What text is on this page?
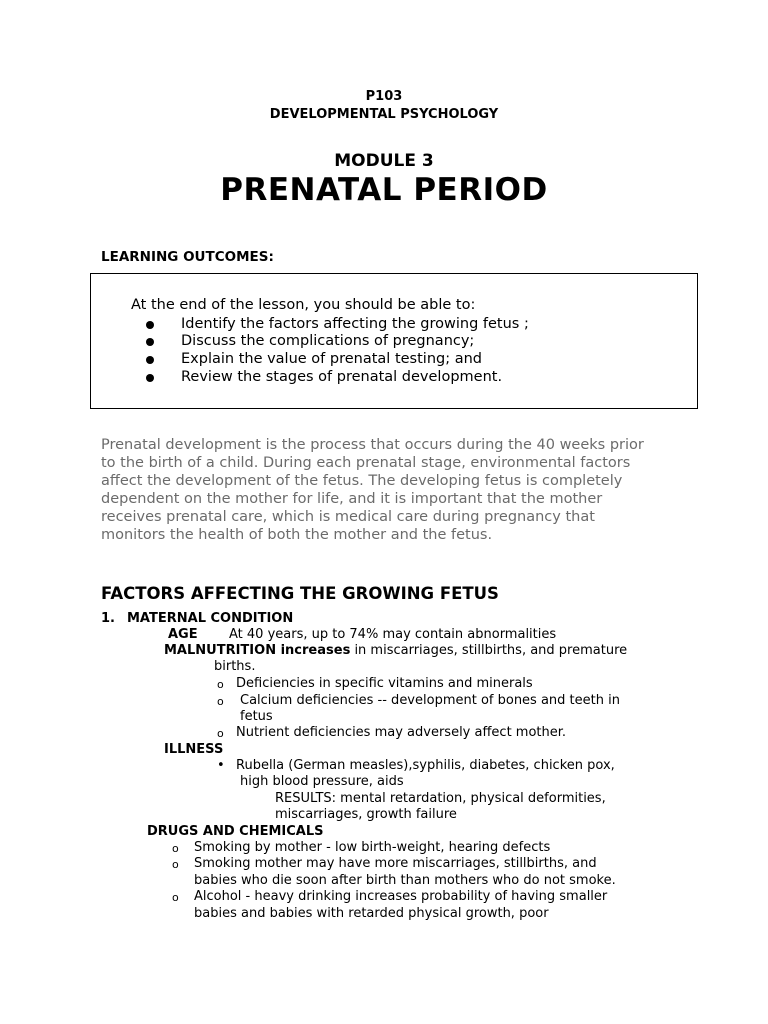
P103
DEVELOPMENTAL PSYCHOLOGY
MODULE 3
PRENATAL PERIOD
LEARNING OUTCOMES:
At the end of the lesson, you should be able to:
Identify the factors affecting the growing fetus ;
Discuss the complications of pregnancy;
Explain the value of prenatal testing; and
Review the stages of prenatal development.
Prenatal development is the process that occurs during the 40 weeks prior
to the birth of a child. During each prenatal stage, environmental factors
affect the development of the fetus. The developing fetus is completely
dependent on the mother for life, and it is important that the mother
receives prenatal care, which is medical care during pregnancy that
monitors the health of both the mother and the fetus.
FACTORS AFFECTING THE GROWING FETUS
1. MATERNAL CONDITION
AGE At 40 years, up to 74% may contain abnormalities
MALNUTRITION increases in miscarriages, stillbirths, and premature
births.
o Deficiencies in specific vitamins and minerals
o Calcium deficiencies -- development of bones and teeth in
fetus
o Nutrient deficiencies may adversely affect mother.
ILLNESS
• Rubella (German measles),syphilis, diabetes, chicken pox,
high blood pressure, aids
RESULTS: mental retardation, physical deformities,
miscarriages, growth failure
DRUGS AND CHEMICALS
o Smoking by mother - low birth-weight, hearing defects
o Smoking mother may have more miscarriages, stillbirths, and
babies who die soon after birth than mothers who do not smoke.
o Alcohol - heavy drinking increases probability of having smaller
babies and babies with retarded physical growth, poor
